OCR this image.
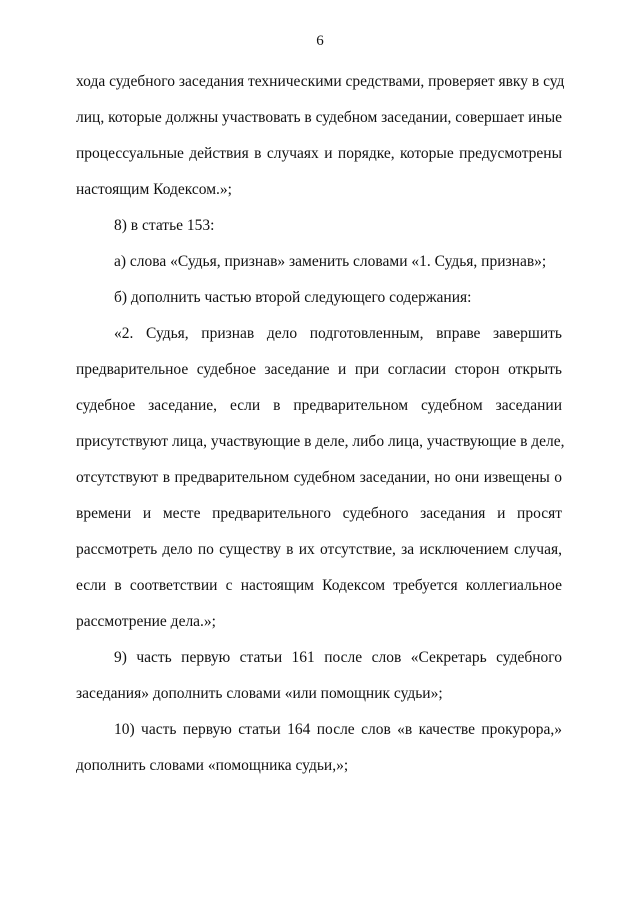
6
хода судебного заседания техническими средствами, проверяет явку в суд
лиц, которые должны участвовать в судебном заседании, совершает иные
процессуальные действия в случаях и порядке, которые предусмотрены
настоящим Кодексом.»;
8) в статье 153:
а) слова «Судья, признав» заменить словами «1. Судья, признав»;
б) дополнить частью второй следующего содержания:
«2. Судья, признав дело подготовленным, вправе завершить
предварительное судебное заседание и при согласии сторон открыть
судебное заседание, если в предварительном судебном заседании
присутствуют лица, участвующие в деле, либо лица, участвующие в деле,
отсутствуют в предварительном судебном заседании, но они извещены о
времени и месте предварительного судебного заседания и просят
рассмотреть дело по существу в их отсутствие, за исключением случая,
если в соответствии с настоящим Кодексом требуется коллегиальное
рассмотрение дела.»;
9) часть первую статьи 161 после слов «Секретарь судебного
заседания» дополнить словами «или помощник судьи»;
10) часть первую статьи 164 после слов «в качестве прокурора,»
дополнить словами «помощника судьи,»;
